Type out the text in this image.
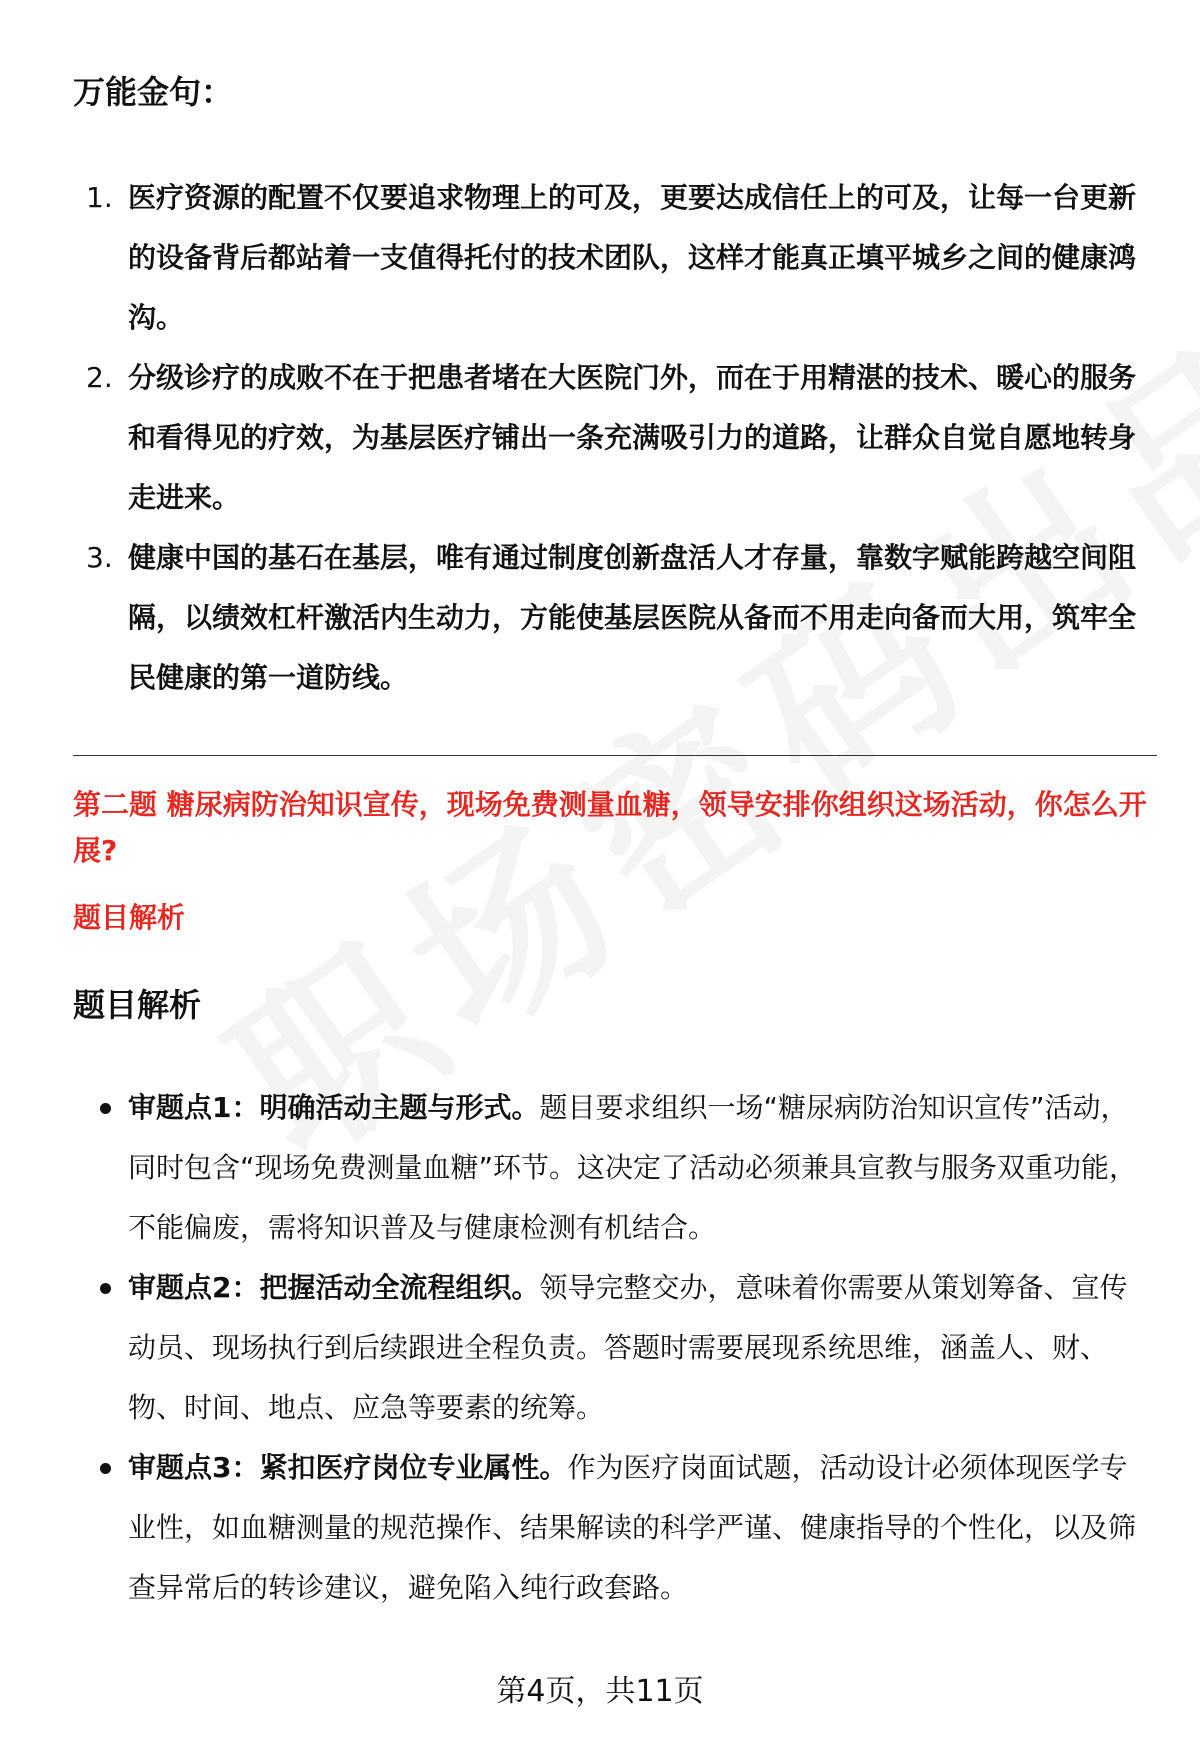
万能金句：
1. 医疗资源的配置不仅要追求物理上的可及，更要达成信任上的可及，让每一台更新的设备背后都站着一支值得托付的技术团队，这样才能真正填平城乡之间的健康鸿沟。
2. 分级诊疗的成败不在于把患者堵在大医院门外，而在于用精湛的技术、暖心的服务和看得见的疗效，为基层医疗铺出一条充满吸引力的道路，让群众自觉自愿地转身走进来。
3. 健康中国的基石在基层，唯有通过制度创新盘活人才存量，靠数字赋能跨越空间阻隔，以绩效杠杆激活内生动力，方能使基层医院从备而不用走向备而大用，筑牢全民健康的第一道防线。

第二题 糖尿病防治知识宣传，现场免费测量血糖，领导安排你组织这场活动，你怎么开展?

题目解析

题目解析
审题点1：明确活动主题与形式。题目要求组织一场“糖尿病防治知识宣传”活动，同时包含“现场免费测量血糖”环节。这决定了活动必须兼具宣教与服务双重功能，不能偏废，需将知识普及与健康检测有机结合。
审题点2：把握活动全流程组织。领导完整交办，意味着你需要从策划筹备、宣传动员、现场执行到后续跟进全程负责。答题时需要展现系统思维，涵盖人、财、物、时间、地点、应急等要素的统筹。
审题点3：紧扣医疗岗位专业属性。作为医疗岗面试题，活动设计必须体现医学专业性，如血糖测量的规范操作、结果解读的科学严谨、健康指导的个性化，以及筛查异常后的转诊建议，避免陷入纯行政套路。
第4页，共11页
